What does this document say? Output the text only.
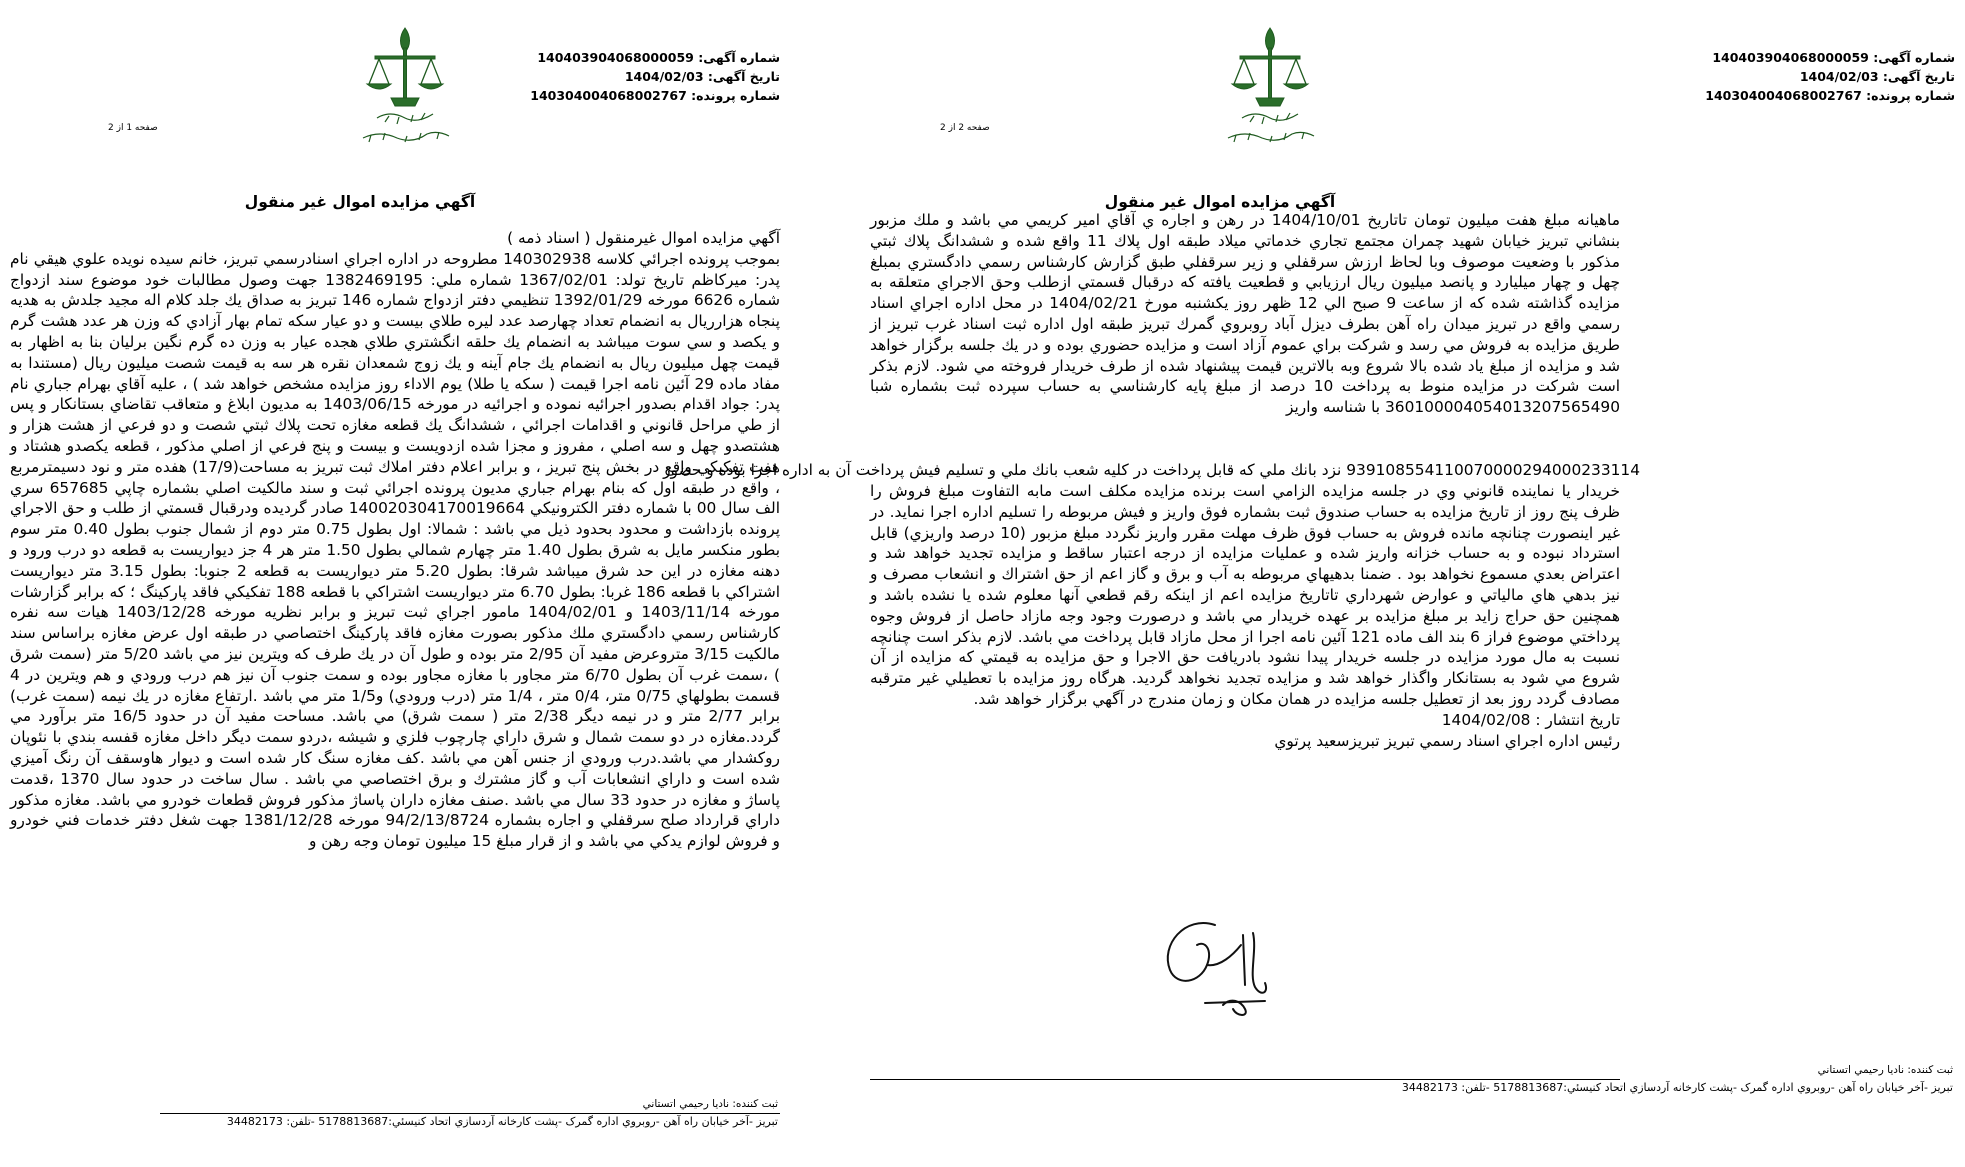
شماره آگهی: 140403904068000059
تاریخ آگهی: 1404/02/03
شماره پرونده: 140304004068002767
صفحه 1 از 2
آگهي مزايده اموال غير منقول

آگهي مزايده اموال غيرمنقول ( اسناد ذمه )

بموجب پرونده اجرائي كلاسه 140302938 مطروحه در اداره اجراي اسنادرسمي تبريز، خانم سيده نويده علوي هيقي نام پدر: ميركاظم تاريخ تولد: 1367/02/01 شماره ملي: 1382469195 جهت وصول مطالبات خود موضوع سند ازدواج شماره 6626 مورخه 1392/01/29 تنظيمي دفتر ازدواج شماره 146 تبريز به صداق يك جلد كلام اله مجيد جلدش به هديه پنجاه هزارريال به انضمام تعداد چهارصد عدد ليره طلاي بيست و دو عيار سكه تمام بهار آزادي كه وزن هر عدد هشت گرم و يكصد و سي سوت ميباشد به انضمام يك حلقه انگشتري طلاي هجده عيار به وزن ده گرم نگين برليان بنا به اظهار به قيمت چهل ميليون ريال به انضمام يك جام آينه و يك زوج شمعدان نقره هر سه به قيمت شصت ميليون ريال (مستندا به مفاد ماده 29 آئين نامه اجرا قيمت ( سكه يا طلا) يوم الاداء روز مزايده مشخص خواهد شد ) ، عليه آقاي بهرام جباري نام پدر: جواد اقدام بصدور اجرائيه نموده و اجرائيه در مورخه 1403/06/15 به مديون ابلاغ و متعاقب تقاضاي بستانكار و پس از طي مراحل قانوني و اقدامات اجرائي ، ششدانگ يك قطعه مغازه تحت پلاك ثبتي شصت و دو فرعي از هشت هزار و هشتصدو چهل و سه اصلي ، مفروز و مجزا شده ازدويست و بيست و پنج فرعي از اصلي مذكور ، قطعه يكصدو هشتاد و هفت تفكيكي واقع در بخش پنج تبريز ، و برابر اعلام دفتر املاك ثبت تبريز به مساحت(17/9) هفده متر و نود دسيمترمربع ، واقع در طبقه اول كه بنام بهرام جباري مديون پرونده اجرائي ثبت و سند مالكيت اصلي بشماره چاپي 657685 سري الف سال 00 با شماره دفتر الكترونيكي 140020304170019664 صادر گرديده ودرقبال قسمتي از طلب و حق الاجراي پرونده بازداشت و محدود بحدود ذيل مي باشد : شمالا: اول بطول 0.75 متر دوم از شمال جنوب بطول 0.40 متر سوم بطور منكسر مايل به شرق بطول 1.40 متر چهارم شمالي بطول 1.50 متر هر 4 جز ديواريست به قطعه دو درب ورود و دهنه مغازه در اين حد شرق ميباشد شرقا: بطول 5.20 متر ديواريست به قطعه 2 جنوبا: بطول 3.15 متر ديواريست اشتراكي با قطعه 186 غربا: بطول 6.70 متر ديواريست اشتراكي با قطعه 188 تفكيكي فاقد پاركينگ ؛ كه برابر گزارشات مورخه 1403/11/14 و 1404/02/01 مامور اجراي ثبت تبريز و برابر نظريه مورخه 1403/12/28 هيات سه نفره كارشناس رسمي دادگستري ملك مذكور بصورت مغازه فاقد پاركينگ اختصاصي در طبقه اول عرض مغازه براساس سند مالكيت 3/15 متروعرض مفيد آن 2/95 متر بوده و طول آن در يك طرف كه ويترين نيز مي باشد 5/20 متر (سمت شرق ) ،سمت غرب آن بطول 6/70 متر مجاور با مغازه مجاور بوده و سمت جنوب آن نيز هم درب ورودي و هم ويترين در 4 قسمت بطولهاي 0/75 متر، 0/4 متر ، 1/4 متر (درب ورودي) و1/5 متر مي باشد .ارتفاع مغازه در يك نيمه (سمت غرب) برابر 2/77 متر و در نيمه ديگر 2/38 متر ( سمت شرق) مي باشد. مساحت مفيد آن در حدود 16/5 متر برآورد مي گردد.مغازه در دو سمت شمال و شرق داراي چارچوب فلزي و شيشه ،دردو سمت ديگر داخل مغازه قفسه بندي با نئوپان روكشدار مي باشد.درب ورودي از جنس آهن مي باشد .كف مغازه سنگ كار شده است و ديوار هاوسقف آن رنگ آميزي شده است و داراي انشعابات آب و گاز مشترك و برق اختصاصي مي باشد . سال ساخت در حدود سال 1370 ،قدمت پاساژ و مغازه در حدود 33 سال مي باشد .صنف مغازه داران پاساژ مذكور فروش قطعات خودرو مي باشد. مغازه مذكور داراي قرارداد صلح سرقفلي و اجاره بشماره 94/2/13/8724 مورخه 1381/12/28 جهت شغل دفتر خدمات فني خودرو و فروش لوازم يدكي مي باشد و از قرار مبلغ 15 ميليون تومان وجه رهن و

ثبت کننده: ناديا رحيمي اتستاني
تبريز -آخر خيابان راه آهن -روبروي اداره گمرک -پشت كارخانه آردسازي اتحاد كنيسئي:5178813687 -تلفن: 34482173
شماره آگهی: 140403904068000059
تاریخ آگهی: 1404/02/03
شماره پرونده: 140304004068002767
صفحه 2 از 2
آگهي مزايده اموال غير منقول

ماهيانه مبلغ هفت ميليون تومان تاتاريخ 1404/10/01 در رهن و اجاره ي آقاي امير كريمي مي باشد و ملك مزبور بنشاني تبريز خيابان شهيد چمران مجتمع تجاري خدماتي ميلاد طبقه اول پلاك 11 واقع شده و ششدانگ پلاك ثبتي مذكور با وضعيت موصوف وبا لحاظ ارزش سرقفلي و زير سرقفلي طبق گزارش كارشناس رسمي دادگستري بمبلغ چهل و چهار ميليارد و پانصد ميليون ريال ارزيابي و قطعيت يافته كه درقبال قسمتي ازطلب وحق الاجراي متعلقه به مزايده گذاشته شده كه از ساعت 9 صبح الي 12 ظهر روز يكشنبه مورخ 1404/02/21 در محل اداره اجراي اسناد رسمي واقع در تبريز ميدان راه آهن بطرف ديزل آباد روبروي گمرك تبريز طبقه اول اداره ثبت اسناد غرب تبريز از طريق مزايده به فروش مي رسد و شركت براي عموم آزاد است و مزايده حضوري بوده و در يك جلسه برگزار خواهد شد و مزايده از مبلغ ياد شده بالا شروع وبه بالاترين قيمت پيشنهاد شده از طرف خريدار فروخته مي شود. لازم بذكر است شركت در مزايده منوط به پرداخت 10 درصد از مبلغ پايه كارشناسي به حساب سپرده ثبت بشماره شبا 360100004054013207565490 با شناسه واريز

939108554110070000294000233114 نزد بانك ملي كه قابل پرداخت در كليه شعب بانك ملي و تسليم فيش پرداخت آن به اداره اجرا بوده و حضور

خريدار يا نماينده قانوني وي در جلسه مزايده الزامي است برنده مزايده مكلف است مابه التفاوت مبلغ فروش را ظرف پنج روز از تاريخ مزايده به حساب صندوق ثبت بشماره فوق واريز و فيش مربوطه را تسليم اداره اجرا نمايد. در غير اينصورت چنانچه مانده فروش به حساب فوق ظرف مهلت مقرر واريز نگردد مبلغ مزبور (10 درصد واريزي) قابل استرداد نبوده و به حساب خزانه واريز شده و عمليات مزايده از درجه اعتبار ساقط و مزايده تجديد خواهد شد و اعتراض بعدي مسموع نخواهد بود . ضمنا بدهيهاي مربوطه به آب و برق و گاز اعم از حق اشتراك و انشعاب مصرف و نيز بدهي هاي مالياتي و عوارض شهرداري تاتاريخ مزايده اعم از اينكه رقم قطعي آنها معلوم شده يا نشده باشد و همچنين حق حراج زايد بر مبلغ مزايده بر عهده خريدار مي باشد و درصورت وجود وجه مازاد حاصل از فروش وجوه پرداختي موضوع فراز 6 بند الف ماده 121 آئين نامه اجرا از محل مازاد قابل پرداخت مي باشد. لازم بذكر است چنانچه نسبت به مال مورد مزايده در جلسه خريدار پيدا نشود بادريافت حق الاجرا و حق مزايده به قيمتي كه مزايده از آن شروع مي شود به بستانكار واگذار خواهد شد و مزايده تجديد نخواهد گرديد. هرگاه روز مزايده با تعطيلي غير مترقبه مصادف گردد روز بعد از تعطيل جلسه مزايده در همان مكان و زمان مندرج در آگهي برگزار خواهد شد.

تاريخ انتشار : 1404/02/08

رئيس اداره اجراي اسناد رسمي تبريز تبريزسعيد پرتوي

ثبت کننده: ناديا رحيمي اتستاني
تبريز -آخر خيابان راه آهن -روبروي اداره گمرک -پشت كارخانه آردسازي اتحاد كنيسئي:5178813687 -تلفن: 34482173
